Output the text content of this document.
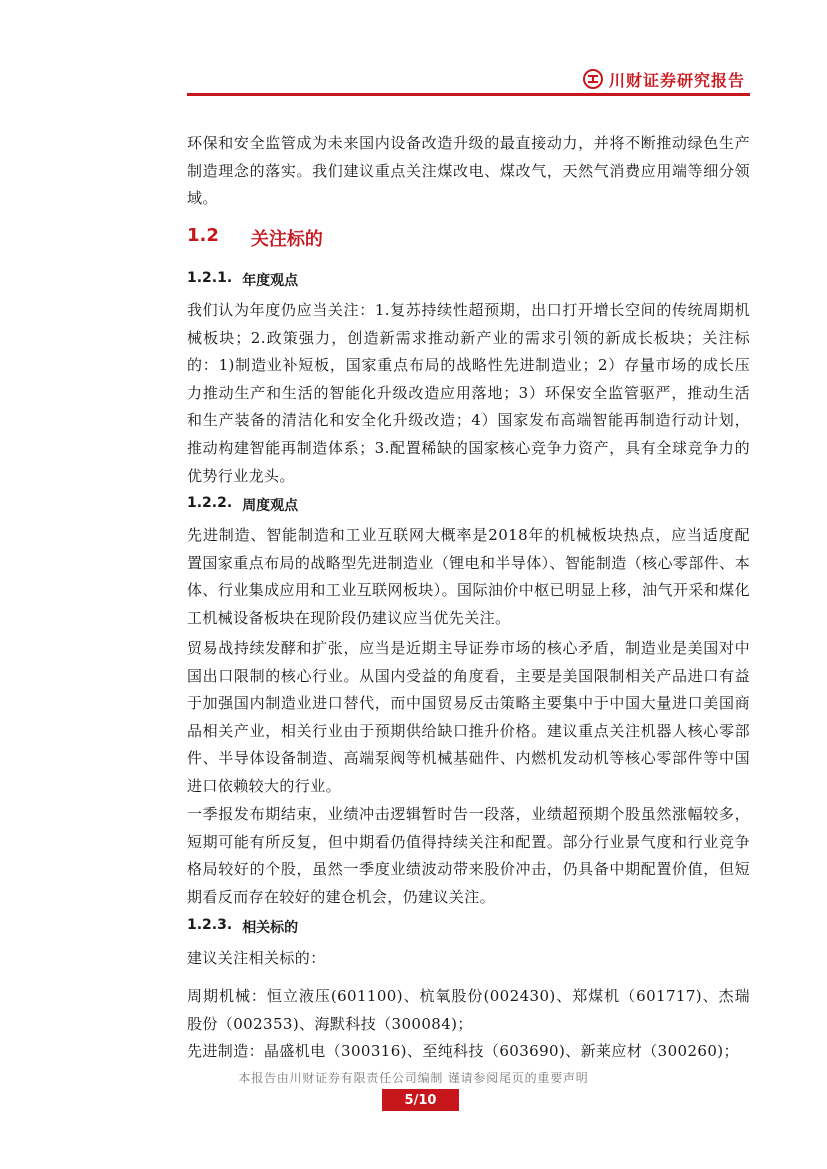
川财证券研究报告

环保和安全监管成为未来国内设备改造升级的最直接动力，并将不断推动绿色生产制造理念的落实。我们建议重点关注煤改电、煤改气，天然气消费应用端等细分领域。

1.2 关注标的
1.2.1. 年度观点

我们认为年度仍应当关注：1.复苏持续性超预期，出口打开增长空间的传统周期机械板块；2.政策强力，创造新需求推动新产业的需求引领的新成长板块；关注标的：1)制造业补短板，国家重点布局的战略性先进制造业；2）存量市场的成长压力推动生产和生活的智能化升级改造应用落地；3）环保安全监管驱严，推动生活和生产装备的清洁化和安全化升级改造；4）国家发布高端智能再制造行动计划，推动构建智能再制造体系；3.配置稀缺的国家核心竞争力资产，具有全球竞争力的优势行业龙头。

1.2.2. 周度观点

先进制造、智能制造和工业互联网大概率是2018年的机械板块热点，应当适度配置国家重点布局的战略型先进制造业（锂电和半导体）、智能制造（核心零部件、本体、行业集成应用和工业互联网板块）。国际油价中枢已明显上移，油气开采和煤化工机械设备板块在现阶段仍建议应当优先关注。

贸易战持续发酵和扩张，应当是近期主导证券市场的核心矛盾，制造业是美国对中国出口限制的核心行业。从国内受益的角度看，主要是美国限制相关产品进口有益于加强国内制造业进口替代，而中国贸易反击策略主要集中于中国大量进口美国商品相关产业，相关行业由于预期供给缺口推升价格。建议重点关注机器人核心零部件、半导体设备制造、高端泵阀等机械基础件、内燃机发动机等核心零部件等中国进口依赖较大的行业。

一季报发布期结束，业绩冲击逻辑暂时告一段落，业绩超预期个股虽然涨幅较多，短期可能有所反复，但中期看仍值得持续关注和配置。部分行业景气度和行业竞争格局较好的个股，虽然一季度业绩波动带来股价冲击，仍具备中期配置价值，但短期看反而存在较好的建仓机会，仍建议关注。

1.2.3. 相关标的

建议关注相关标的：

周期机械：恒立液压(601100)、杭氧股份(002430)、郑煤机（601717)、杰瑞股份（002353)、海默科技（300084)；

先进制造：晶盛机电（300316)、至纯科技（603690)、新莱应材（300260)；

本报告由川财证券有限责任公司编制 谨请参阅尾页的重要声明
5/10
